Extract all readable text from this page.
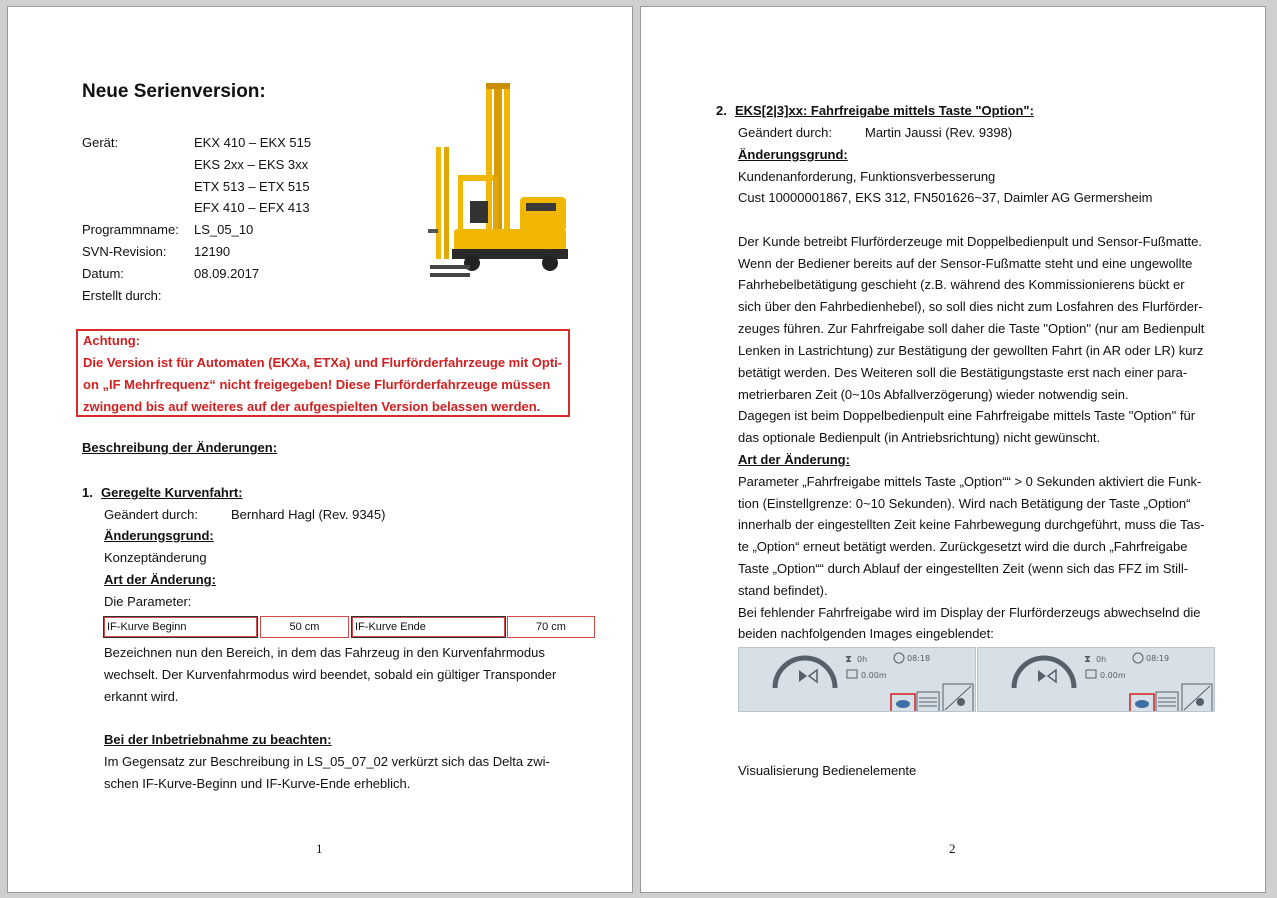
Neue Serienversion:
Gerät:	EKX 410 – EKX 515
EKS 2xx – EKS 3xx
ETX 513 – ETX 515
EFX 410 – EFX 413
Programmname: LS_05_10
SVN-Revision: 12190
Datum:	08.09.2017
Erstellt durch:
Achtung:
Die Version ist für Automaten (EKXa, ETXa) und Flurförderfahrzeuge mit Opti-
on „IF Mehrfrequenz“ nicht freigegeben! Diese Flurförderfahrzeuge müssen
zwingend bis auf weiteres auf der aufgespielten Version belassen werden.
Beschreibung der Änderungen:
1. Geregelte Kurvenfahrt:
Geändert durch:	Bernhard Hagl (Rev. 9345)
Änderungsgrund:
Konzeptänderung
Art der Änderung:
Die Parameter:
IF-Kurve Beginn	50 cm	IF-Kurve Ende	70 cm
Bezeichnen nun den Bereich, in dem das Fahrzeug in den Kurvenfahrmodus
wechselt. Der Kurvenfahrmodus wird beendet, sobald ein gültiger Transponder
erkannt wird.
Bei der Inbetriebnahme zu beachten:
Im Gegensatz zur Beschreibung in LS_05_07_02 verkürzt sich das Delta zwi-
schen IF-Kurve-Beginn und IF-Kurve-Ende erheblich.
1
2. EKS[2|3]xx: Fahrfreigabe mittels Taste "Option":
Geändert durch:	Martin Jaussi (Rev. 9398)
Änderungsgrund:
Kundenanforderung, Funktionsverbesserung
Cust 10000001867, EKS 312, FN501626~37, Daimler AG Germersheim
Der Kunde betreibt Flurförderzeuge mit Doppelbedienpult und Sensor-Fußmatte.
Wenn der Bediener bereits auf der Sensor-Fußmatte steht und eine ungewollte
Fahrhebelbetätigung geschieht (z.B. während des Kommissionierens bückt er
sich über den Fahrbedienhebel), so soll dies nicht zum Losfahren des Flurförder-
zeuges führen. Zur Fahrfreigabe soll daher die Taste "Option" (nur am Bedienpult
Lenken in Lastrichtung) zur Bestätigung der gewollten Fahrt (in AR oder LR) kurz
betätigt werden. Des Weiteren soll die Bestätigungstaste erst nach einer para-
metrierbaren Zeit (0~10s Abfallverzögerung) wieder notwendig sein.
Dagegen ist beim Doppelbedienpult eine Fahrfreigabe mittels Taste "Option" für
das optionale Bedienpult (in Antriebsrichtung) nicht gewünscht.
Art der Änderung:
Parameter „Fahrfreigabe mittels Taste „Option““ > 0 Sekunden aktiviert die Funk-
tion (Einstellgrenze: 0~10 Sekunden). Wird nach Betätigung der Taste „Option“
innerhalb der eingestellten Zeit keine Fahrbewegung durchgeführt, muss die Tas-
te „Option“ erneut betätigt werden. Zurückgesetzt wird die durch „Fahrfreigabe
Taste „Option““ durch Ablauf der eingestellten Zeit (wenn sich das FFZ im Still-
stand befindet).
Bei fehlender Fahrfreigabe wird im Display der Flurförderzeugs abwechselnd die
beiden nachfolgenden Images eingeblendet:
⧗ 0h	08:18
0.00m
⧗ 0h	08:19
0.00m
Visualisierung Bedienelemente
2
